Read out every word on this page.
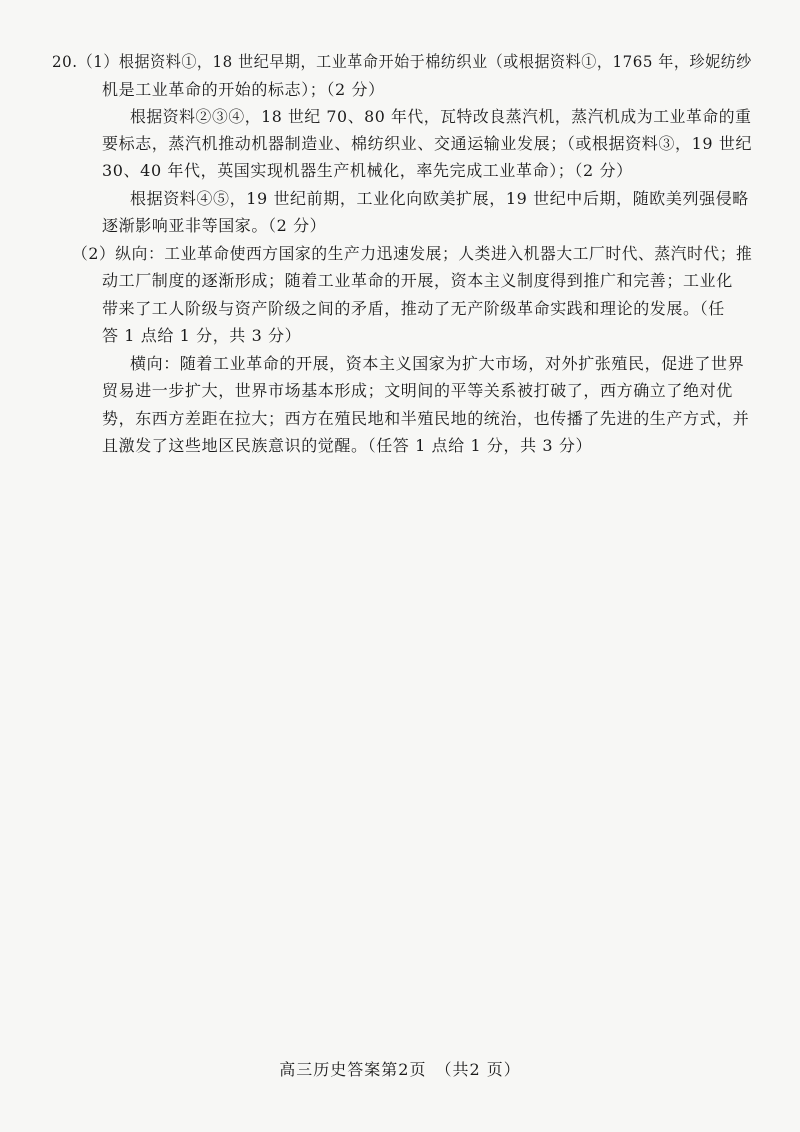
20.（1）根据资料①，18 世纪早期，工业革命开始于棉纺织业（或根据资料①，1765 年，珍妮纺纱
机是工业革命的开始的标志）；（2 分）
根据资料②③④，18 世纪 70、80 年代，瓦特改良蒸汽机，蒸汽机成为工业革命的重
要标志，蒸汽机推动机器制造业、棉纺织业、交通运输业发展；（或根据资料③，19 世纪
30、40 年代，英国实现机器生产机械化，率先完成工业革命）；（2 分）
根据资料④⑤，19 世纪前期，工业化向欧美扩展，19 世纪中后期，随欧美列强侵略
逐渐影响亚非等国家。（2 分）
（2）纵向：工业革命使西方国家的生产力迅速发展；人类进入机器大工厂时代、蒸汽时代；推
动工厂制度的逐渐形成；随着工业革命的开展，资本主义制度得到推广和完善；工业化
带来了工人阶级与资产阶级之间的矛盾，推动了无产阶级革命实践和理论的发展。（任
答 1 点给 1 分，共 3 分）
横向：随着工业革命的开展，资本主义国家为扩大市场，对外扩张殖民，促进了世界
贸易进一步扩大，世界市场基本形成；文明间的平等关系被打破了，西方确立了绝对优
势，东西方差距在拉大；西方在殖民地和半殖民地的统治，也传播了先进的生产方式，并
且激发了这些地区民族意识的觉醒。（任答 1 点给 1 分，共 3 分）
高三历史答案第2页　（共2 页）
